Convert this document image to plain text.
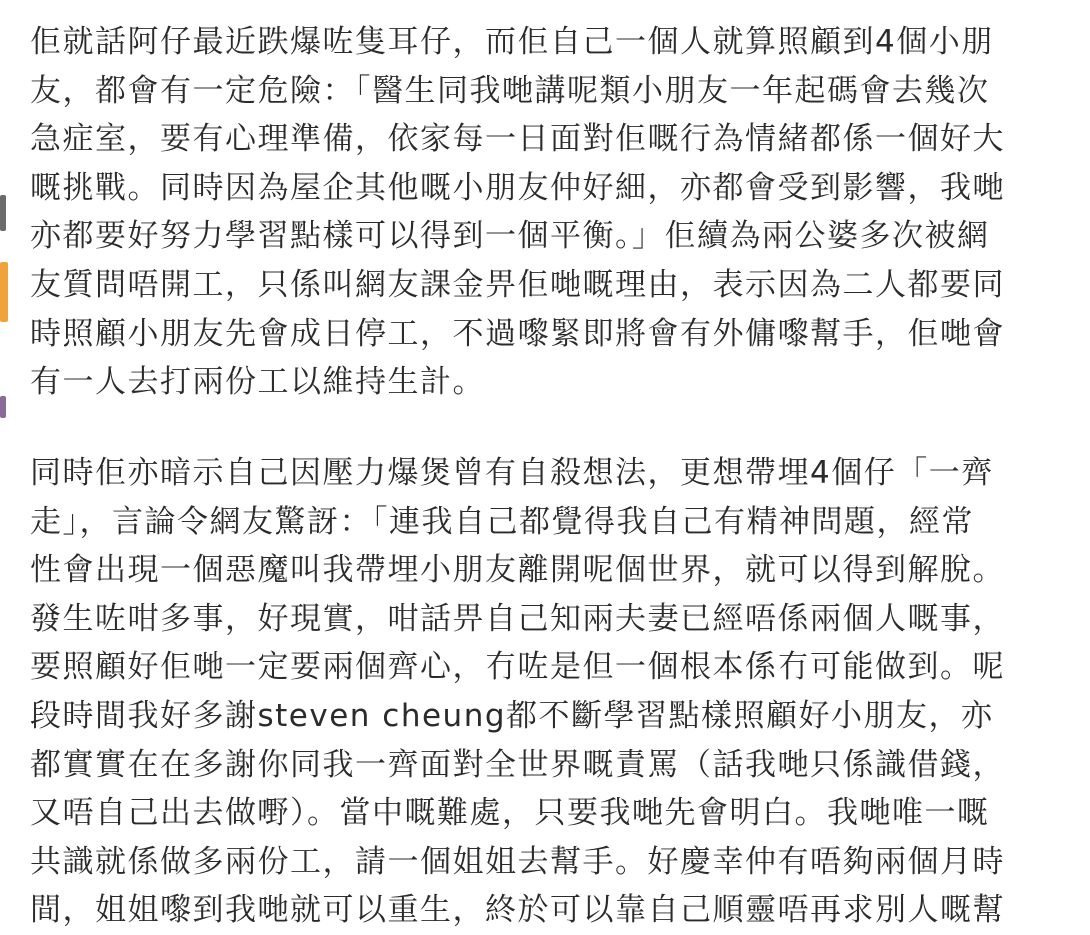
佢就話阿仔最近跌爆咗隻耳仔，而佢自己一個人就算照顧到4個小朋
友，都會有一定危險：「醫生同我哋講呢類小朋友一年起碼會去幾次
急症室，要有心理準備，依家每一日面對佢嘅行為情緒都係一個好大
嘅挑戰。同時因為屋企其他嘅小朋友仲好細，亦都會受到影響，我哋
亦都要好努力學習點樣可以得到一個平衡。」佢續為兩公婆多次被網
友質問唔開工，只係叫網友課金畀佢哋嘅理由，表示因為二人都要同
時照顧小朋友先會成日停工，不過嚟緊即將會有外傭嚟幫手，佢哋會
有一人去打兩份工以維持生計。
同時佢亦暗示自己因壓力爆煲曾有自殺想法，更想帶埋4個仔「一齊
走」，言論令網友驚訝：「連我自己都覺得我自己有精神問題，經常
性會出現一個惡魔叫我帶埋小朋友離開呢個世界，就可以得到解脫。
發生咗咁多事，好現實，咁話畀自己知兩夫妻已經唔係兩個人嘅事，
要照顧好佢哋一定要兩個齊心，冇咗是但一個根本係冇可能做到。呢
段時間我好多謝steven cheung都不斷學習點樣照顧好小朋友，亦
都實實在在多謝你同我一齊面對全世界嘅責罵（話我哋只係識借錢，
又唔自己出去做嘢）。當中嘅難處，只要我哋先會明白。我哋唯一嘅
共識就係做多兩份工，請一個姐姐去幫手。好慶幸仲有唔夠兩個月時
間，姐姐嚟到我哋就可以重生，終於可以靠自己順靈唔再求別人嘅幫
